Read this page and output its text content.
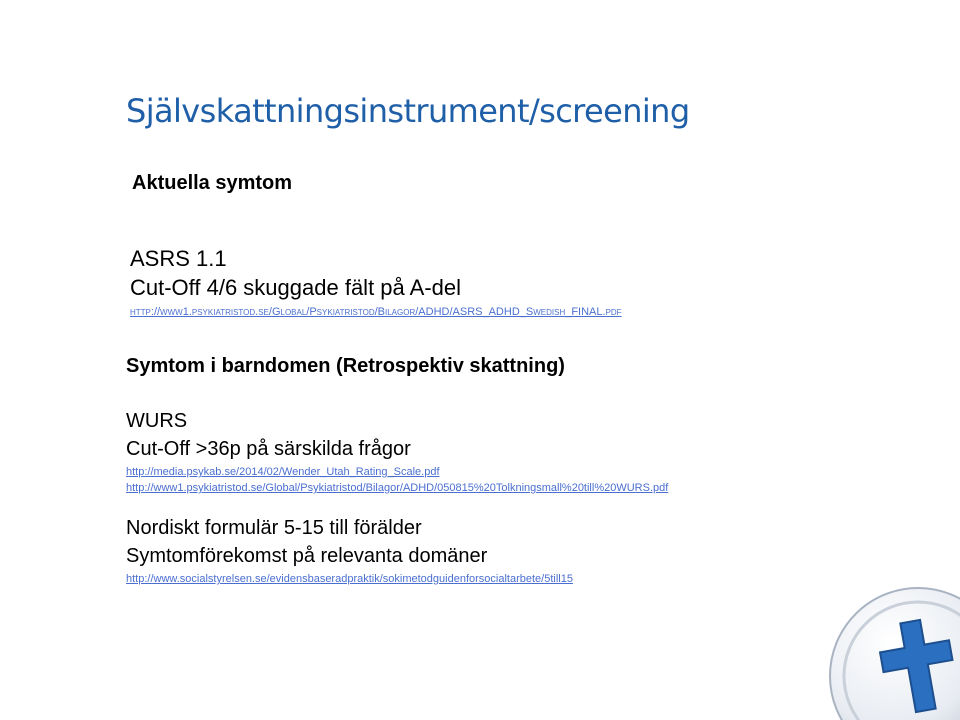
Självskattningsinstrument/screening
Aktuella symtom
ASRS 1.1
Cut-Off 4/6 skuggade fält på A-del
http://www1.psykiatristod.se/Global/Psykiatristod/Bilagor/ADHD/ASRS_ADHD_Swedish_FINAL.pdf
Symtom i barndomen (Retrospektiv skattning)
WURS
Cut-Off >36p på särskilda frågor
http://media.psykab.se/2014/02/Wender_Utah_Rating_Scale.pdf
http://www1.psykiatristod.se/Global/Psykiatristod/Bilagor/ADHD/050815%20Tolkningsmall%20till%20WURS.pdf
Nordiskt formulär 5-15 till förälder
Symtomförekomst på relevanta domäner
http://www.socialstyrelsen.se/evidensbaseradpraktik/sokimetodguidenforsocialtarbete/5till15
